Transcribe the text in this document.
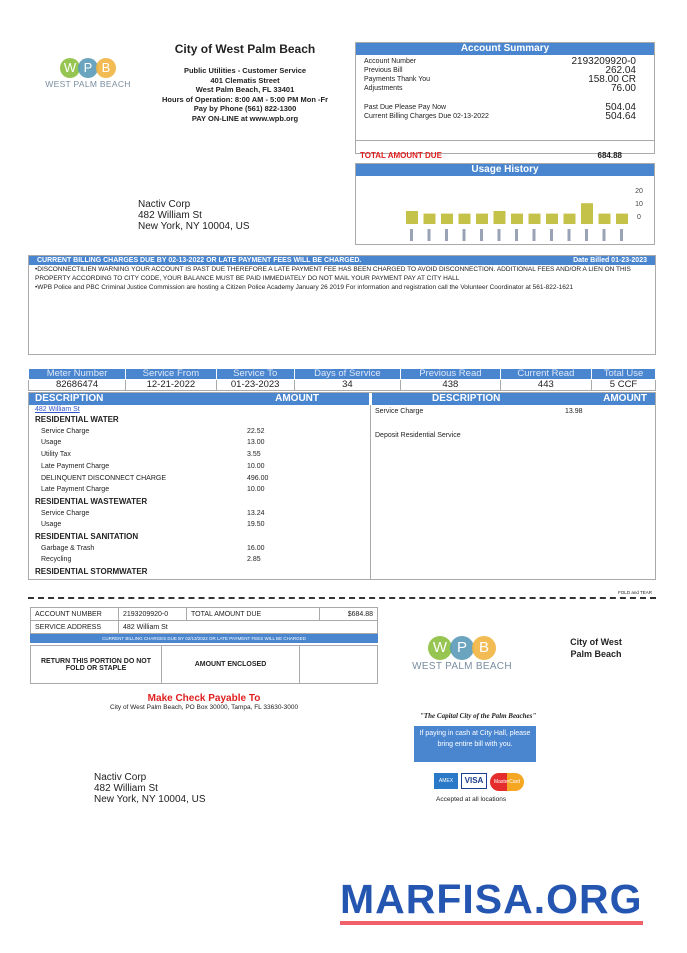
W P B
WEST PALM BEACH
City of West Palm Beach

Public Utilities - Customer Service

401 Clematis Street

West Palm Beach, FL 33401

Hours of Operation: 8:00 AM - 5:00 PM Mon -Fr

Pay by Phone (561) 822-1300

PAY ON-LINE at www.wpb.org

Account Summary
Account Number	2193209920-0
Previous Bill	262.04
Payments Thank You	158.00 CR
Adjustments	76.00
Past Due Please Pay Now	504.04
Current Billing Charges Due 02-13-2022	504.64
TOTAL AMOUNT DUE	684.88
Usage History
20
10
0
Nactiv Corp
482 William St
New York, NY 10004, US
CURRENT BILLING CHARGES DUE BY 02-13-2022 OR LATE PAYMENT FEES WILL BE CHARGED.	Date Billed 01-23-2023

•DISCONNECTILIEN WARNING YOUR ACCOUNT IS PAST DUE THEREFORE A LATE PAYMENT FEE HAS BEEN CHARGED TO AVOID DISCONNECTION. ADDITIONAL FEES AND/OR A LIEN ON THIS PROPERTY ACCORDING TO CITY CODE, YOUR BALANCE MUST BE PAID IMMEDIATELY DO NOT MAIL YOUR PAYMENT PAY AT CITY HALL

•WPB Police and PBC Criminal Justice Commission are hosting a Citizen Police Academy January 26 2019 For information and registration call the Volunteer Coordinator at 561-822-1621

Meter Number	Service From	Service To	Days of Service	Previous Read	Current Read	Total Use
82686474	12-21-2022	01-23-2023	34	438	443	5 CCF
DESCRIPTION	AMOUNT	DESCRIPTION	AMOUNT
482 William St
RESIDENTIAL WATER
Service Charge	22.52
Usage	13.00
Utility Tax	3.55
Late Payment Charge	10.00
DELINQUENT DISCONNECT CHARGE	496.00
Late Payment Charge	10.00
RESIDENTIAL WASTEWATER
Service Charge	13.24
Usage	19.50
RESIDENTIAL SANITATION
Garbage & Trash	16.00
Recycling	2.85
RESIDENTIAL STORMWATER
Service Charge	13.98
Deposit Residential Service
FOLD and TEAR
ACCOUNT NUMBER	2193209920-0	TOTAL AMOUNT DUE	$684.88
SERVICE ADDRESS	482 William St		
CURRENT BILLING CHARGES DUE BY 02/13/2022 OR LATE PAYMENT FEES WILL BE CHARGED			
RETURN THIS PORTION DO NOT FOLD OR STAPLE	AMOUNT ENCLOSED	
Make Check Payable To
City of West Palm Beach, PO Box 30000, Tampa, FL 33630-3000
W P B
WEST PALM BEACH
City of West Palm Beach
"The Capital City of the Palm Beaches"
If paying in cash at City Hall, please bring entire bill with you.
AMEX	VISA	MasterCard
Accepted at all locations
Nactiv Corp
482 William St
New York, NY 10004, US
MARFISA.ORG
